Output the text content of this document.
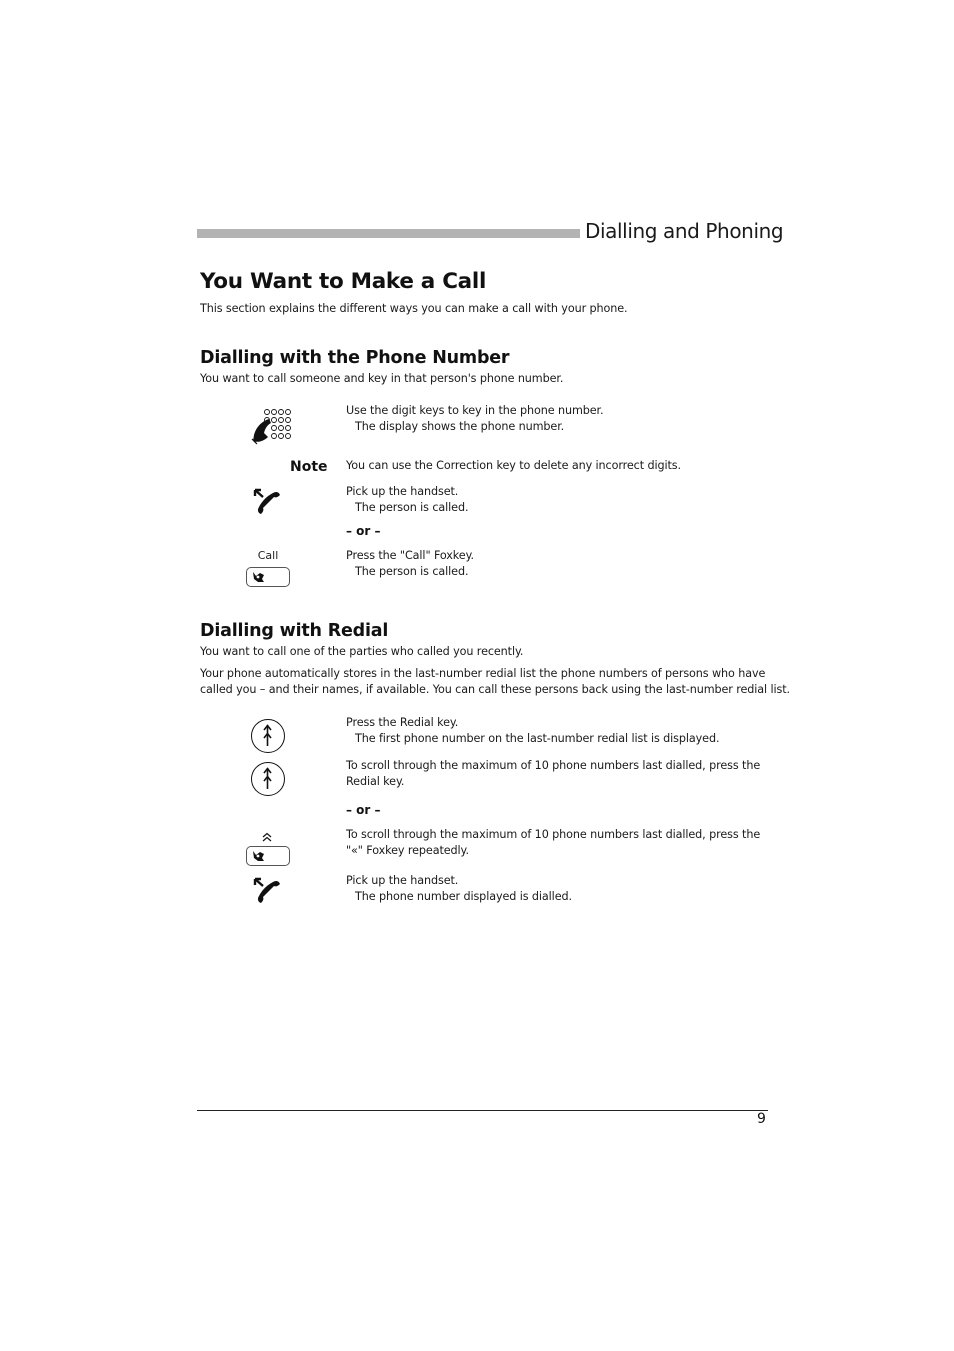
Dialling and Phoning
You Want to Make a Call
This section explains the different ways you can make a call with your phone.
Dialling with the Phone Number
You want to call someone and key in that person's phone number.
Use the digit keys to key in the phone number.
The display shows the phone number.
Note You can use the Correction key to delete any incorrect digits.
Pick up the handset.
The person is called.
– or –
Call	Press the "Call" Foxkey.
The person is called.
Dialling with Redial
You want to call one of the parties who called you recently.
Your phone automatically stores in the last-number redial list the phone numbers of persons who have
called you – and their names, if available. You can call these persons back using the last-number redial list.
Press the Redial key.
The first phone number on the last-number redial list is displayed.
To scroll through the maximum of 10 phone numbers last dialled, press the
Redial key.
– or –
To scroll through the maximum of 10 phone numbers last dialled, press the
"«" Foxkey repeatedly.
Pick up the handset.
The phone number displayed is dialled.
9
